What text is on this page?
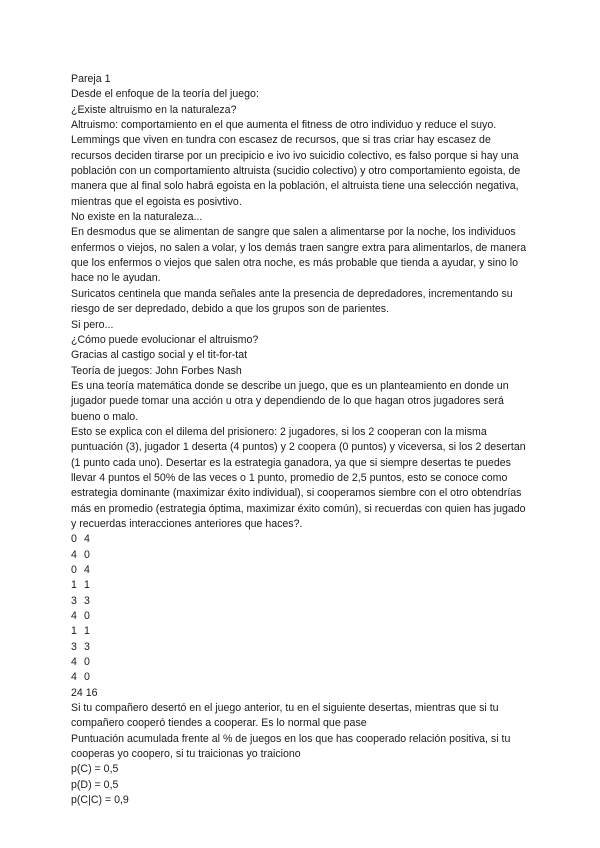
Pareja 1

Desde el enfoque de la teoría del juego:

¿Existe altruismo en la naturaleza?

Altruismo: comportamiento en el que aumenta el fitness de otro individuo y reduce el suyo. Lemmings que viven en tundra con escasez de recursos, que si tras criar hay escasez de recursos deciden tirarse por un precipicio e ivo ivo suicidio colectivo, es falso porque si hay una población con un comportamiento altruista (sucidio colectivo) y otro comportamiento egoista, de manera que al final solo habrá egoista en la población, el altruista tiene una selección negativa, mientras que el egoista es posivtivo.

No existe en la naturaleza...

En desmodus que se alimentan de sangre que salen a alimentarse por la noche, los individuos enfermos o viejos, no salen a volar, y los demás traen sangre extra para alimentarlos, de manera que los enfermos o viejos que salen otra noche, es más probable que tienda a ayudar, y sino lo hace no le ayudan.

Suricatos centinela que manda señales ante la presencia de depredadores, incrementando su riesgo de ser depredado, debido a que los grupos son de parientes.

Si pero...

¿Cómo puede evolucionar el altruismo?

Gracias al castigo social y el tit-for-tat

Teoría de juegos: John Forbes Nash

Es una teoría matemática donde se describe un juego, que es un planteamiento en donde un jugador puede tomar una acción u otra y dependiendo de lo que hagan otros jugadores será bueno o malo.

Esto se explica con el dilema del prisionero: 2 jugadores, si los 2 cooperan con la misma puntuación (3), jugador 1 deserta (4 puntos) y 2 coopera (0 puntos) y viceversa, si los 2 desertan (1 punto cada uno). Desertar es la estrategia ganadora, ya que si siempre desertas te puedes llevar 4 puntos el 50% de las veces o 1 punto, promedio de 2,5 puntos, esto se conoce como estrategia dominante (maximizar éxito individual), si cooperamos siembre con el otro obtendrías más en promedio (estrategia óptima, maximizar éxito común), si recuerdas con quien has jugado y recuerdas interacciones anteriores que haces?.

0 4
4 0
0 4
1 1
3 3
4 0
1 1
3 3
4 0
4 0

24 16

Si tu compañero desertó en el juego anterior, tu en el siguiente desertas, mientras que si tu compañero cooperó tiendes a cooperar. Es lo normal que pase

Puntuación acumulada frente al % de juegos en los que has cooperado relación positiva, si tu cooperas yo coopero, si tu traicionas yo traiciono

p(C) = 0,5

p(D) = 0,5

p(C|C) = 0,9
